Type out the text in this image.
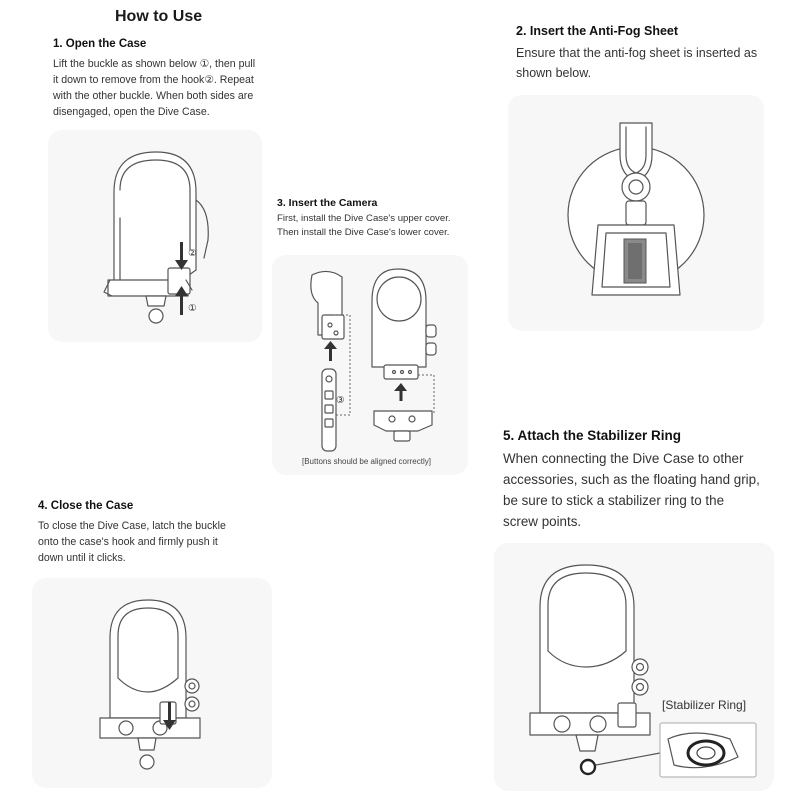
How to Use
1. Open the Case
Lift the buckle as shown below ①, then pull
it down to remove from the hook②. Repeat
with the other buckle. When both sides are
disengaged, open the Dive Case.
②
①
2. Insert the Anti-Fog Sheet
Ensure that the anti-fog sheet is inserted as
shown below.
3. Insert the Camera
First, install the Dive Case's upper cover.
Then install the Dive Case's lower cover.
③
[Buttons should be aligned correctly]
4. Close the Case
To close the Dive Case, latch the buckle
onto the case's hook and firmly push it
down until it clicks.
5. Attach the Stabilizer Ring
When connecting the Dive Case to other
accessories, such as the floating hand grip,
be sure to stick a stabilizer ring to the
screw points.
[Stabilizer Ring]
